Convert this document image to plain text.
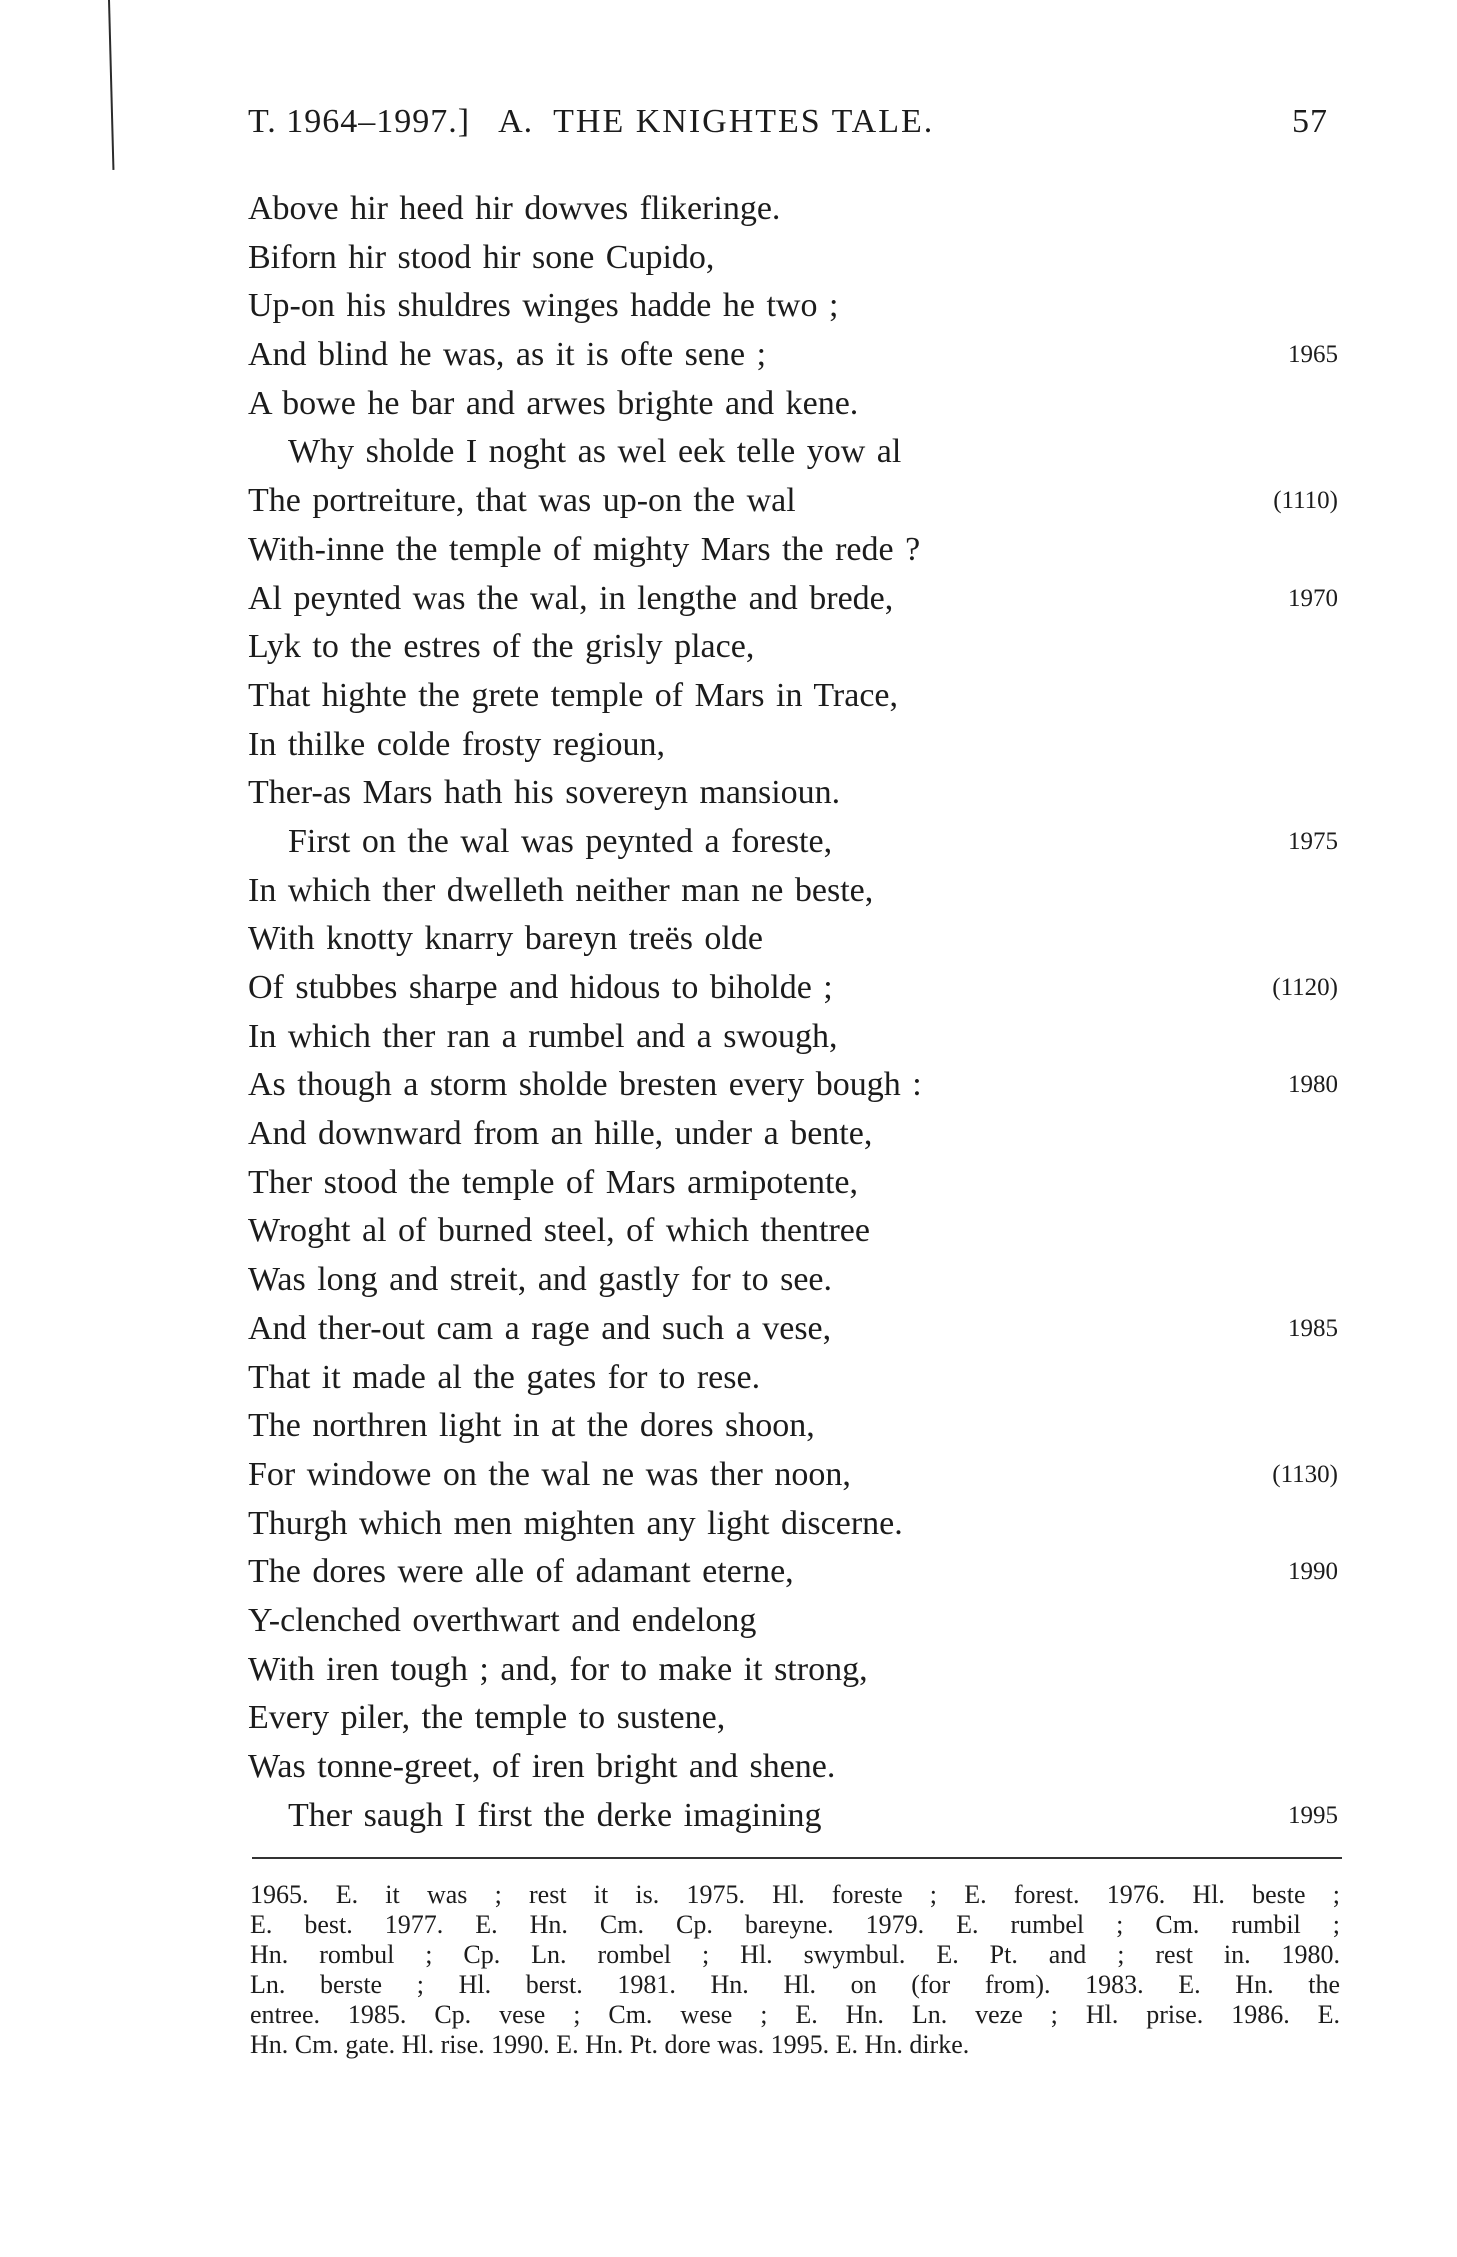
T. 1964–1997.] A. THE KNIGHTES TALE.	57
Above hir heed hir dowves flikeringe.
Biforn hir stood hir sone Cupido,
Up-on his shuldres winges hadde he two ;
And blind he was, as it is ofte sene ;	1965
A bowe he bar and arwes brighte and kene.
Why sholde I noght as wel eek telle yow al
The portreiture, that was up-on the wal	(1110)
With-inne the temple of mighty Mars the rede ?
Al peynted was the wal, in lengthe and brede,	1970
Lyk to the estres of the grisly place,
That highte the grete temple of Mars in Trace,
In thilke colde frosty regioun,
Ther-as Mars hath his sovereyn mansioun.
First on the wal was peynted a foreste,	1975
In which ther dwelleth neither man ne beste,
With knotty knarry bareyn treës olde
Of stubbes sharpe and hidous to biholde ;	(1120)
In which ther ran a rumbel and a swough,
As though a storm sholde bresten every bough :	1980
And downward from an hille, under a bente,
Ther stood the temple of Mars armipotente,
Wroght al of burned steel, of which thentree
Was long and streit, and gastly for to see.
And ther-out cam a rage and such a vese,	1985
That it made al the gates for to rese.
The northren light in at the dores shoon,
For windowe on the wal ne was ther noon,	(1130)
Thurgh which men mighten any light discerne.
The dores were alle of adamant eterne,	1990
Y-clenched overthwart and endelong
With iren tough ; and, for to make it strong,
Every piler, the temple to sustene,
Was tonne-greet, of iren bright and shene.
Ther saugh I first the derke imagining	1995
1965. E. it was ; rest it is. 1975. Hl. foreste ; E. forest. 1976. Hl. beste ;
E. best. 1977. E. Hn. Cm. Cp. bareyne. 1979. E. rumbel ; Cm. rumbil ;
Hn. rombul ; Cp. Ln. rombel ; Hl. swymbul. E. Pt. and ; rest in. 1980.
Ln. berste ; Hl. berst. 1981. Hn. Hl. on (for from). 1983. E. Hn. the
entree. 1985. Cp. vese ; Cm. wese ; E. Hn. Ln. veze ; Hl. prise. 1986. E.
Hn. Cm. gate. Hl. rise. 1990. E. Hn. Pt. dore was. 1995. E. Hn. dirke.
